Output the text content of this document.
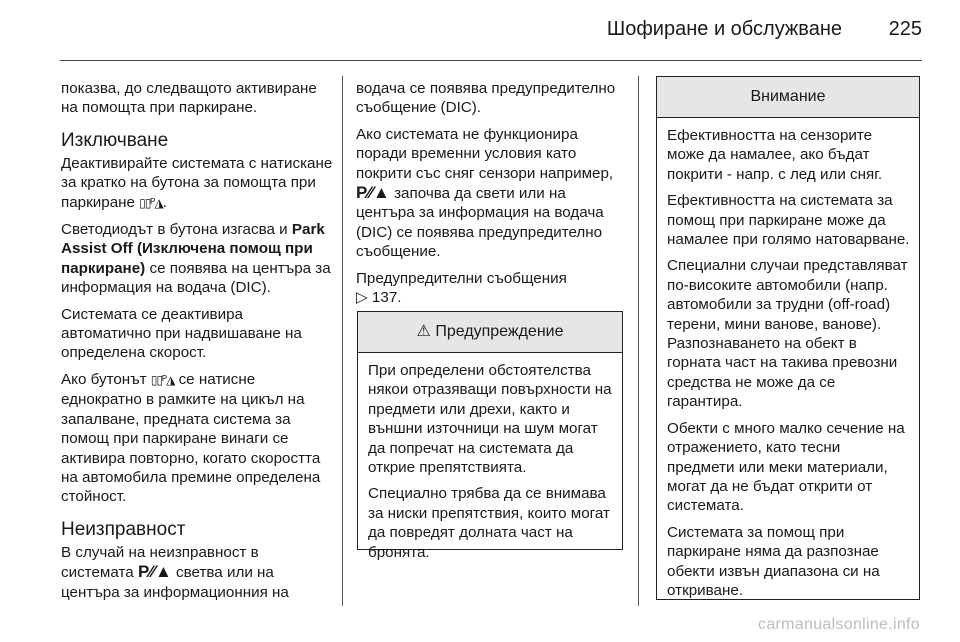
Шофиране и обслужване 225

показва, до следващото активиране на помощта при паркиране.

Изключване

Деактивирайте системата с натискане за кратко на бутона за помощта при паркиране ▯▯ᴾ◮.

Светодиодът в бутона изгасва и Park Assist Off (Изключена помощ при паркиране) се появява на центъра за информация на водача (DIC).

Системата се деактивира автоматично при надвишаване на определена скорост.

Ако бутонът ▯▯ᴾ◮ се натисне еднократно в рамките на цикъл на запалване, предната система за помощ при паркиране винаги се активира повторно, когато скоростта на автомобила премине определена стойност.

Неизправност

В случай на неизправност в системата P⁄⁄▲ светва или на центъра за информационния на

водача се появява предупредително съобщение (DIC).

Ако системата не функционира поради временни условия като покрити със сняг сензори например, P⁄⁄▲ започва да свети или на центъра за информация на водача (DIC) се появява предупредително съобщение.

Предупредителни съобщения
▷ 137.

⚠ Предупреждение

При определени обстоятелства някои отразяващи повърхности на предмети или дрехи, както и външни източници на шум могат да попречат на системата да открие препятствията.

Специално трябва да се внимава за ниски препятствия, които могат да повредят долната част на бронята.

Внимание

Ефективността на сензорите може да намалее, ако бъдат покрити - напр. с лед или сняг.

Ефективността на системата за помощ при паркиране може да намалее при голямо натоварване.

Специални случаи представляват по-високите автомобили (напр. автомобили за трудни (off-road) терени, мини ванове, ванове).

Разпознаването на обект в горната част на такива превозни средства не може да се гарантира.

Обекти с много малко сечение на отражението, като тесни предмети или меки материали, могат да не бъдат открити от системата.

Системата за помощ при паркиране няма да разпознае обекти извън диапазона си на откриване.

carmanualsonline.info
